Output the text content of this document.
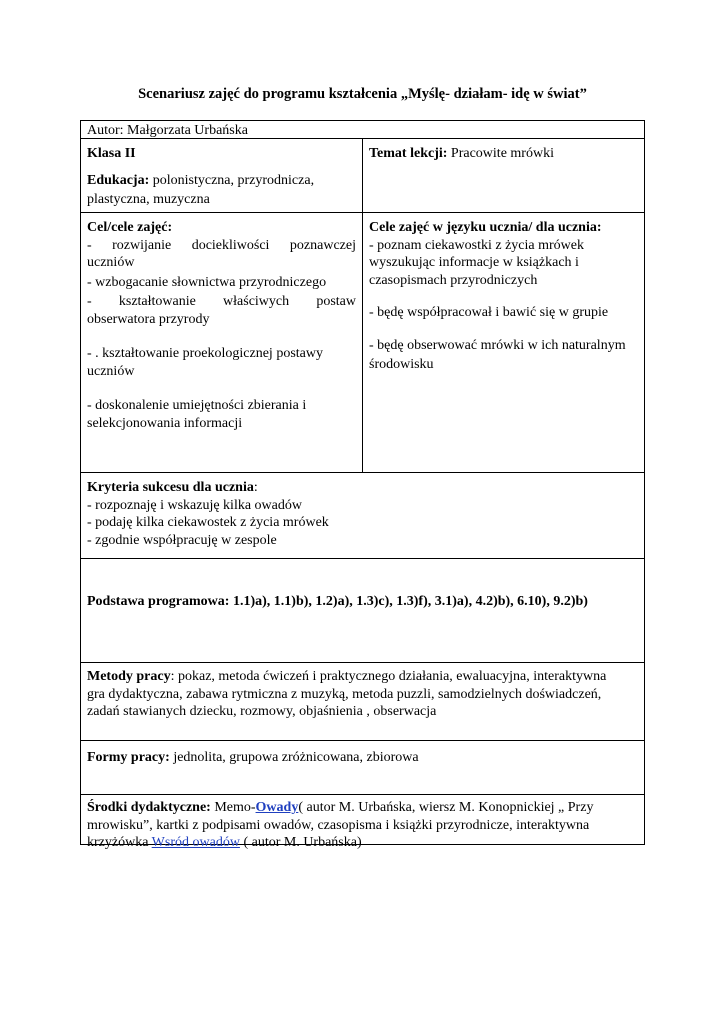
Scenariusz zajęć do programu kształcenia „Myślę- działam- idę w świat”
Autor: Małgorzata Urbańska

Klasa II

Edukacja: polonistyczna, przyrodnicza,

plastyczna, muzyczna

Temat lekcji: Pracowite mrówki

Cel/cele zajęć:

- rozwijanie dociekliwości poznawczej

uczniów

- wzbogacanie słownictwa przyrodniczego

- kształtowanie właściwych postaw

obserwatora przyrody

- . kształtowanie proekologicznej postawy

uczniów

- doskonalenie umiejętności zbierania i

selekcjonowania informacji

Cele zajęć w języku ucznia/ dla ucznia:

- poznam ciekawostki z życia mrówek

wyszukując informacje w książkach i

czasopismach przyrodniczych

- będę współpracował i bawić się w grupie

- będę obserwować mrówki w ich naturalnym

środowisku

Kryteria sukcesu dla ucznia:

- rozpoznaję i wskazuję kilka owadów

- podaję kilka ciekawostek z życia mrówek

- zgodnie współpracuję w zespole

Podstawa programowa: 1.1)a), 1.1)b), 1.2)a), 1.3)c), 1.3)f), 3.1)a), 4.2)b), 6.10), 9.2)b)

Metody pracy: pokaz, metoda ćwiczeń i praktycznego działania, ewaluacyjna, interaktywna

gra dydaktyczna, zabawa rytmiczna z muzyką, metoda puzzli, samodzielnych doświadczeń,

zadań stawianych dziecku, rozmowy, objaśnienia , obserwacja

Formy pracy: jednolita, grupowa zróżnicowana, zbiorowa

Środki dydaktyczne: Memo-Owady( autor M. Urbańska, wiersz M. Konopnickiej „ Przy

mrowisku”, kartki z podpisami owadów, czasopisma i książki przyrodnicze, interaktywna

krzyżówka Wsród owadów ( autor M. Urbańska)
